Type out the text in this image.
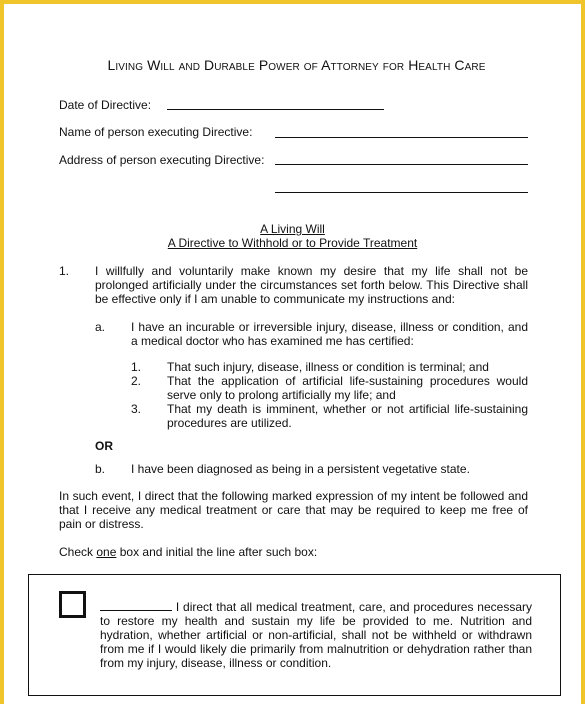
Living Will and Durable Power of Attorney for Health Care
Date of Directive:
Name of person executing Directive:
Address of person executing Directive:
A Living Will
A Directive to Withhold or to Provide Treatment
1. I willfully and voluntarily make known my desire that my life shall not be prolonged artificially under the circumstances set forth below. This Directive shall be effective only if I am unable to communicate my instructions and:
a. I have an incurable or irreversible injury, disease, illness or condition, and a medical doctor who has examined me has certified:
1. That such injury, disease, illness or condition is terminal; and
2. That the application of artificial life-sustaining procedures would serve only to prolong artificially my life; and
3. That my death is imminent, whether or not artificial life-sustaining procedures are utilized.
OR
b. I have been diagnosed as being in a persistent vegetative state.
In such event, I direct that the following marked expression of my intent be followed and that I receive any medical treatment or care that may be required to keep me free of pain or distress.
Check one box and initial the line after such box:
I direct that all medical treatment, care, and procedures necessary to restore my health and sustain my life be provided to me. Nutrition and hydration, whether artificial or non-artificial, shall not be withheld or withdrawn from me if I would likely die primarily from malnutrition or dehydration rather than from my injury, disease, illness or condition.
